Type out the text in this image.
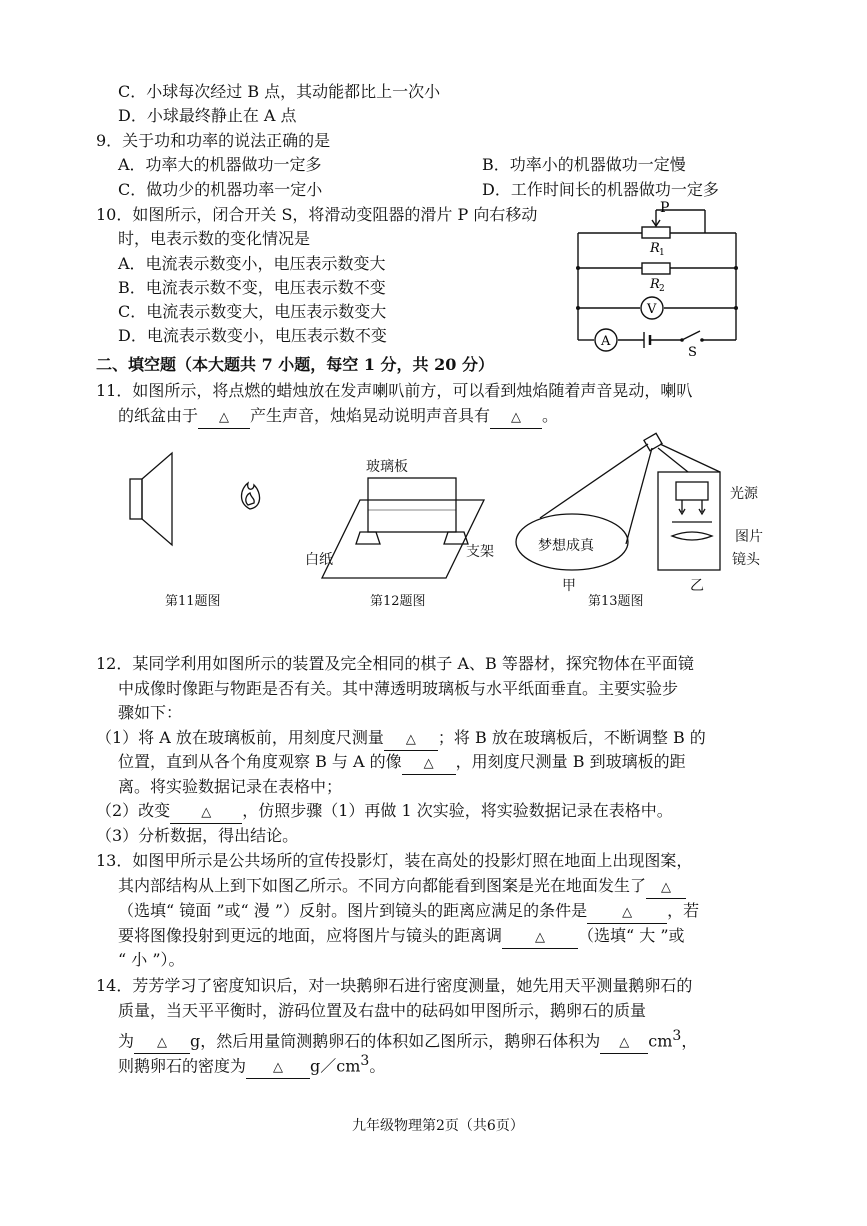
C．小球每次经过 B 点，其动能都比上一次小
D．小球最终静止在 A 点
9．关于功和功率的说法正确的是
A．功率大的机器做功一定多	B．功率小的机器做功一定慢
C．做功少的机器功率一定小	D．工作时间长的机器做功一定多
10．如图所示，闭合开关 S，将滑动变阻器的滑片 P 向右移动
时，电表示数的变化情况是
A．电流表示数变小，电压表示数变大
B．电流表示数不变，电压表示数不变
C．电流表示数变大，电压表示数变大
D．电流表示数变小，电压表示数不变
P
R 1
R 2
V
A
S
二、填空题（本大题共 7 小题，每空 1 分，共 20 分）
11．如图所示，将点燃的蜡烛放在发声喇叭前方，可以看到烛焰随着声音晃动，喇叭
的纸盆由于 △ 产生声音，烛焰晃动说明声音具有 △ 。
第11题图
玻璃板
白纸	支架
第12题图
梦想成真
甲	乙
光源
图片
镜头
第13题图
12．某同学利用如图所示的装置及完全相同的棋子 A、B 等器材，探究物体在平面镜
中成像时像距与物距是否有关。其中薄透明玻璃板与水平纸面垂直。主要实验步
骤如下：
（1）将 A 放在玻璃板前，用刻度尺测量 △ ；将 B 放在玻璃板后，不断调整 B 的
位置，直到从各个角度观察 B 与 A 的像 △ ，用刻度尺测量 B 到玻璃板的距
离。将实验数据记录在表格中；
（2）改变 △ ，仿照步骤（1）再做 1 次实验，将实验数据记录在表格中。
（3）分析数据，得出结论。
13．如图甲所示是公共场所的宣传投影灯，装在高处的投影灯照在地面上出现图案，
其内部结构从上到下如图乙所示。不同方向都能看到图案是光在地面发生了 △
（选填“ 镜面 ”或“ 漫 ”）反射。图片到镜头的距离应满足的条件是	△ ，若
要将图像投射到更远的地面，应将图片与镜头的距离调	△ （选填“ 大 ”或
“ 小 ”）。
14．芳芳学习了密度知识后，对一块鹅卵石进行密度测量，她先用天平测量鹅卵石的
质量，当天平平衡时，游码位置及右盘中的砝码如甲图所示，鹅卵石的质量
为 △ g，然后用量筒测鹅卵石的体积如乙图所示，鹅卵石体积为 △ $cm^3$，
则鹅卵石的密度为 △ $g/cm^3$。
九年级物理第2页（共6页）
